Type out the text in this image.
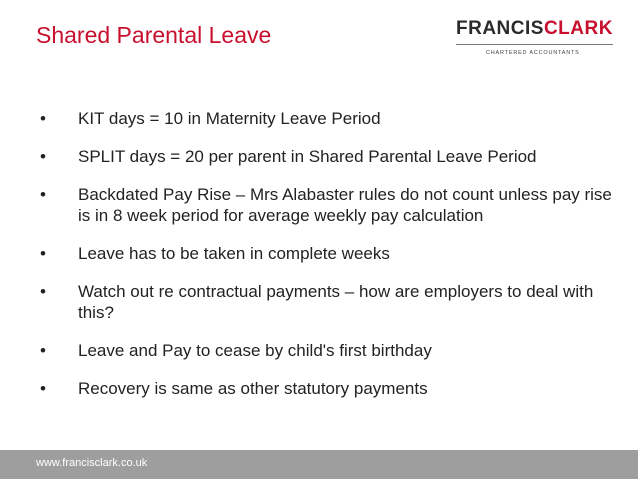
Shared Parental Leave	FRANCISCLARK
CHARTERED ACCOUNTANTS
• KIT days = 10 in Maternity Leave Period
• SPLIT days = 20 per parent in Shared Parental Leave Period
• Backdated Pay Rise – Mrs Alabaster rules do not count unless pay rise is in 8 week period for average weekly pay calculation
• Leave has to be taken in complete weeks
• Watch out re contractual payments – how are employers to deal with this?
• Leave and Pay to cease by child's first birthday
• Recovery is same as other statutory payments
www.francisclark.co.uk
